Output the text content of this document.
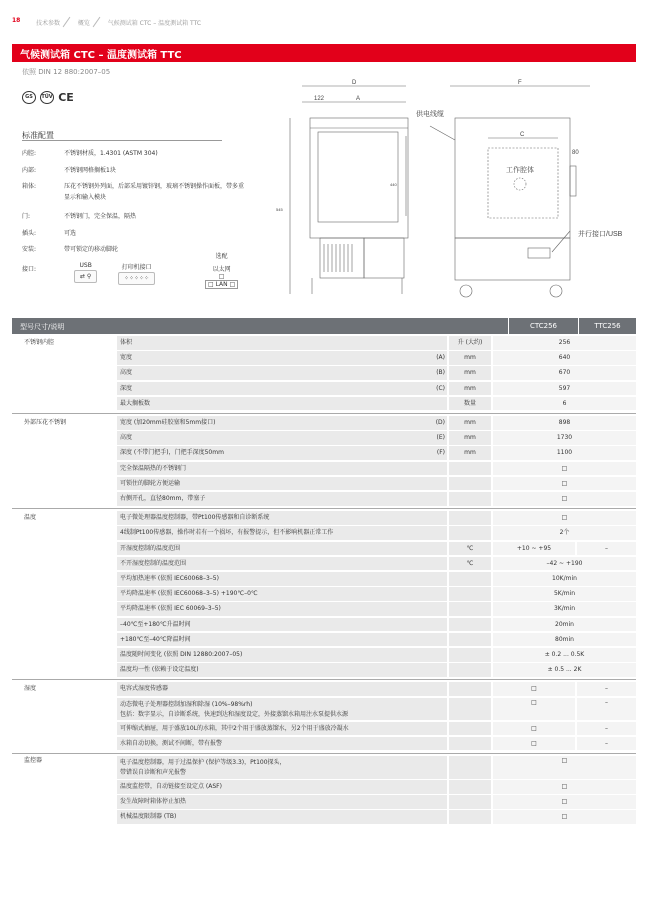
18	技术参数	概览	气候测试箱 CTC – 温度测试箱 TTC
气候测试箱 CTC – 温度测试箱 TTC
依照 DIN 12 880:2007–05
GS	TÜV CE
标准配置
内腔:	不锈钢材质，1.4301 (ASTM 304)
内部:	不锈钢网格搁板1块
箱体:	压花不锈钢外列面，后部采用镀锌钢，玻璃不锈钢操作面板，带多重显示和输入模块
门:	不锈钢门，完全保温，隔热
插头:	可选
安装:	带可锁定的移动脚轮
接口:
USB
⇄ ⚲
打印机接口
⁘⁘⁘⁘⁘
选配
以太网
□
□ LAN □
D
122	A
F
C
80
440
545
供电线缆
工作腔体
并行接口/USB
型号尺寸/说明	CTC256	TTC256
不锈钢内腔	体积	升 (大约)	256
宽度	(A)	mm	640
高度	(B)	mm	670
深度	(C)	mm	597
最大搁板数	数量	6
外部压花不锈钢	宽度 (加20mm硅胶塞和5mm接口)	(D)	mm	898
高度	(E)	mm	1730
深度 (不带门把手)，门把手深度50mm	(F)	mm	1100
完全保温隔热的不锈钢门	□
可锁住的脚轮方便运输	□
右侧开孔，直径80mm，带塞子	□
温度	电子微处理器温度控制器，带Pt100传感器和自诊断系统	□
4线制Pt100传感器，操作时若有一个损坏，有报警提示，但不影响机器正常工作	2个
开湿度控制的温度范围	℃	+10 ~ +95	–
不开湿度控制的温度范围	℃	–42 ~ +190
平均加热速率 (依照 IEC60068–3–5)	10K/min
平均降温速率 (依照 IEC60068–3–5) +190℃–0℃	5K/min
平均降温速率 (依照 IEC 60069–3–5)	3K/min
–40℃至+180℃升温时间	20min
+180℃至–40℃降温时间	80min
温度随时间变化 (依照 DIN 12880:2007–05)	± 0.2 ... 0.5K
温度均一性 (依赖于设定温度)	± 0.5 ... 2K
湿度	电容式湿度传感器	□	–
动态微电子处理器控制加湿和除湿 (10%–98%rh)
包括：数字显示，自诊断系统，快速到达和湿度设定，外接蒸馏水箱用注水泵提供水源
□	–
可伸缩式抽屉，用于盛放10L的水箱，其中2个用于盛放蒸馏水，另2个用于盛放冷凝水	□	–
水箱自动切换，测试不间断，带有报警	□	–
监控器	电子温度控制器，用于过温保护 (保护等级3.3)，Pt100探头，
带错误自诊断和声光报警
□
温度监控带，自动链接至设定点 (ASF)	□
发生故障时箱体停止加热	□
机械温度限制器 (TB)	□
